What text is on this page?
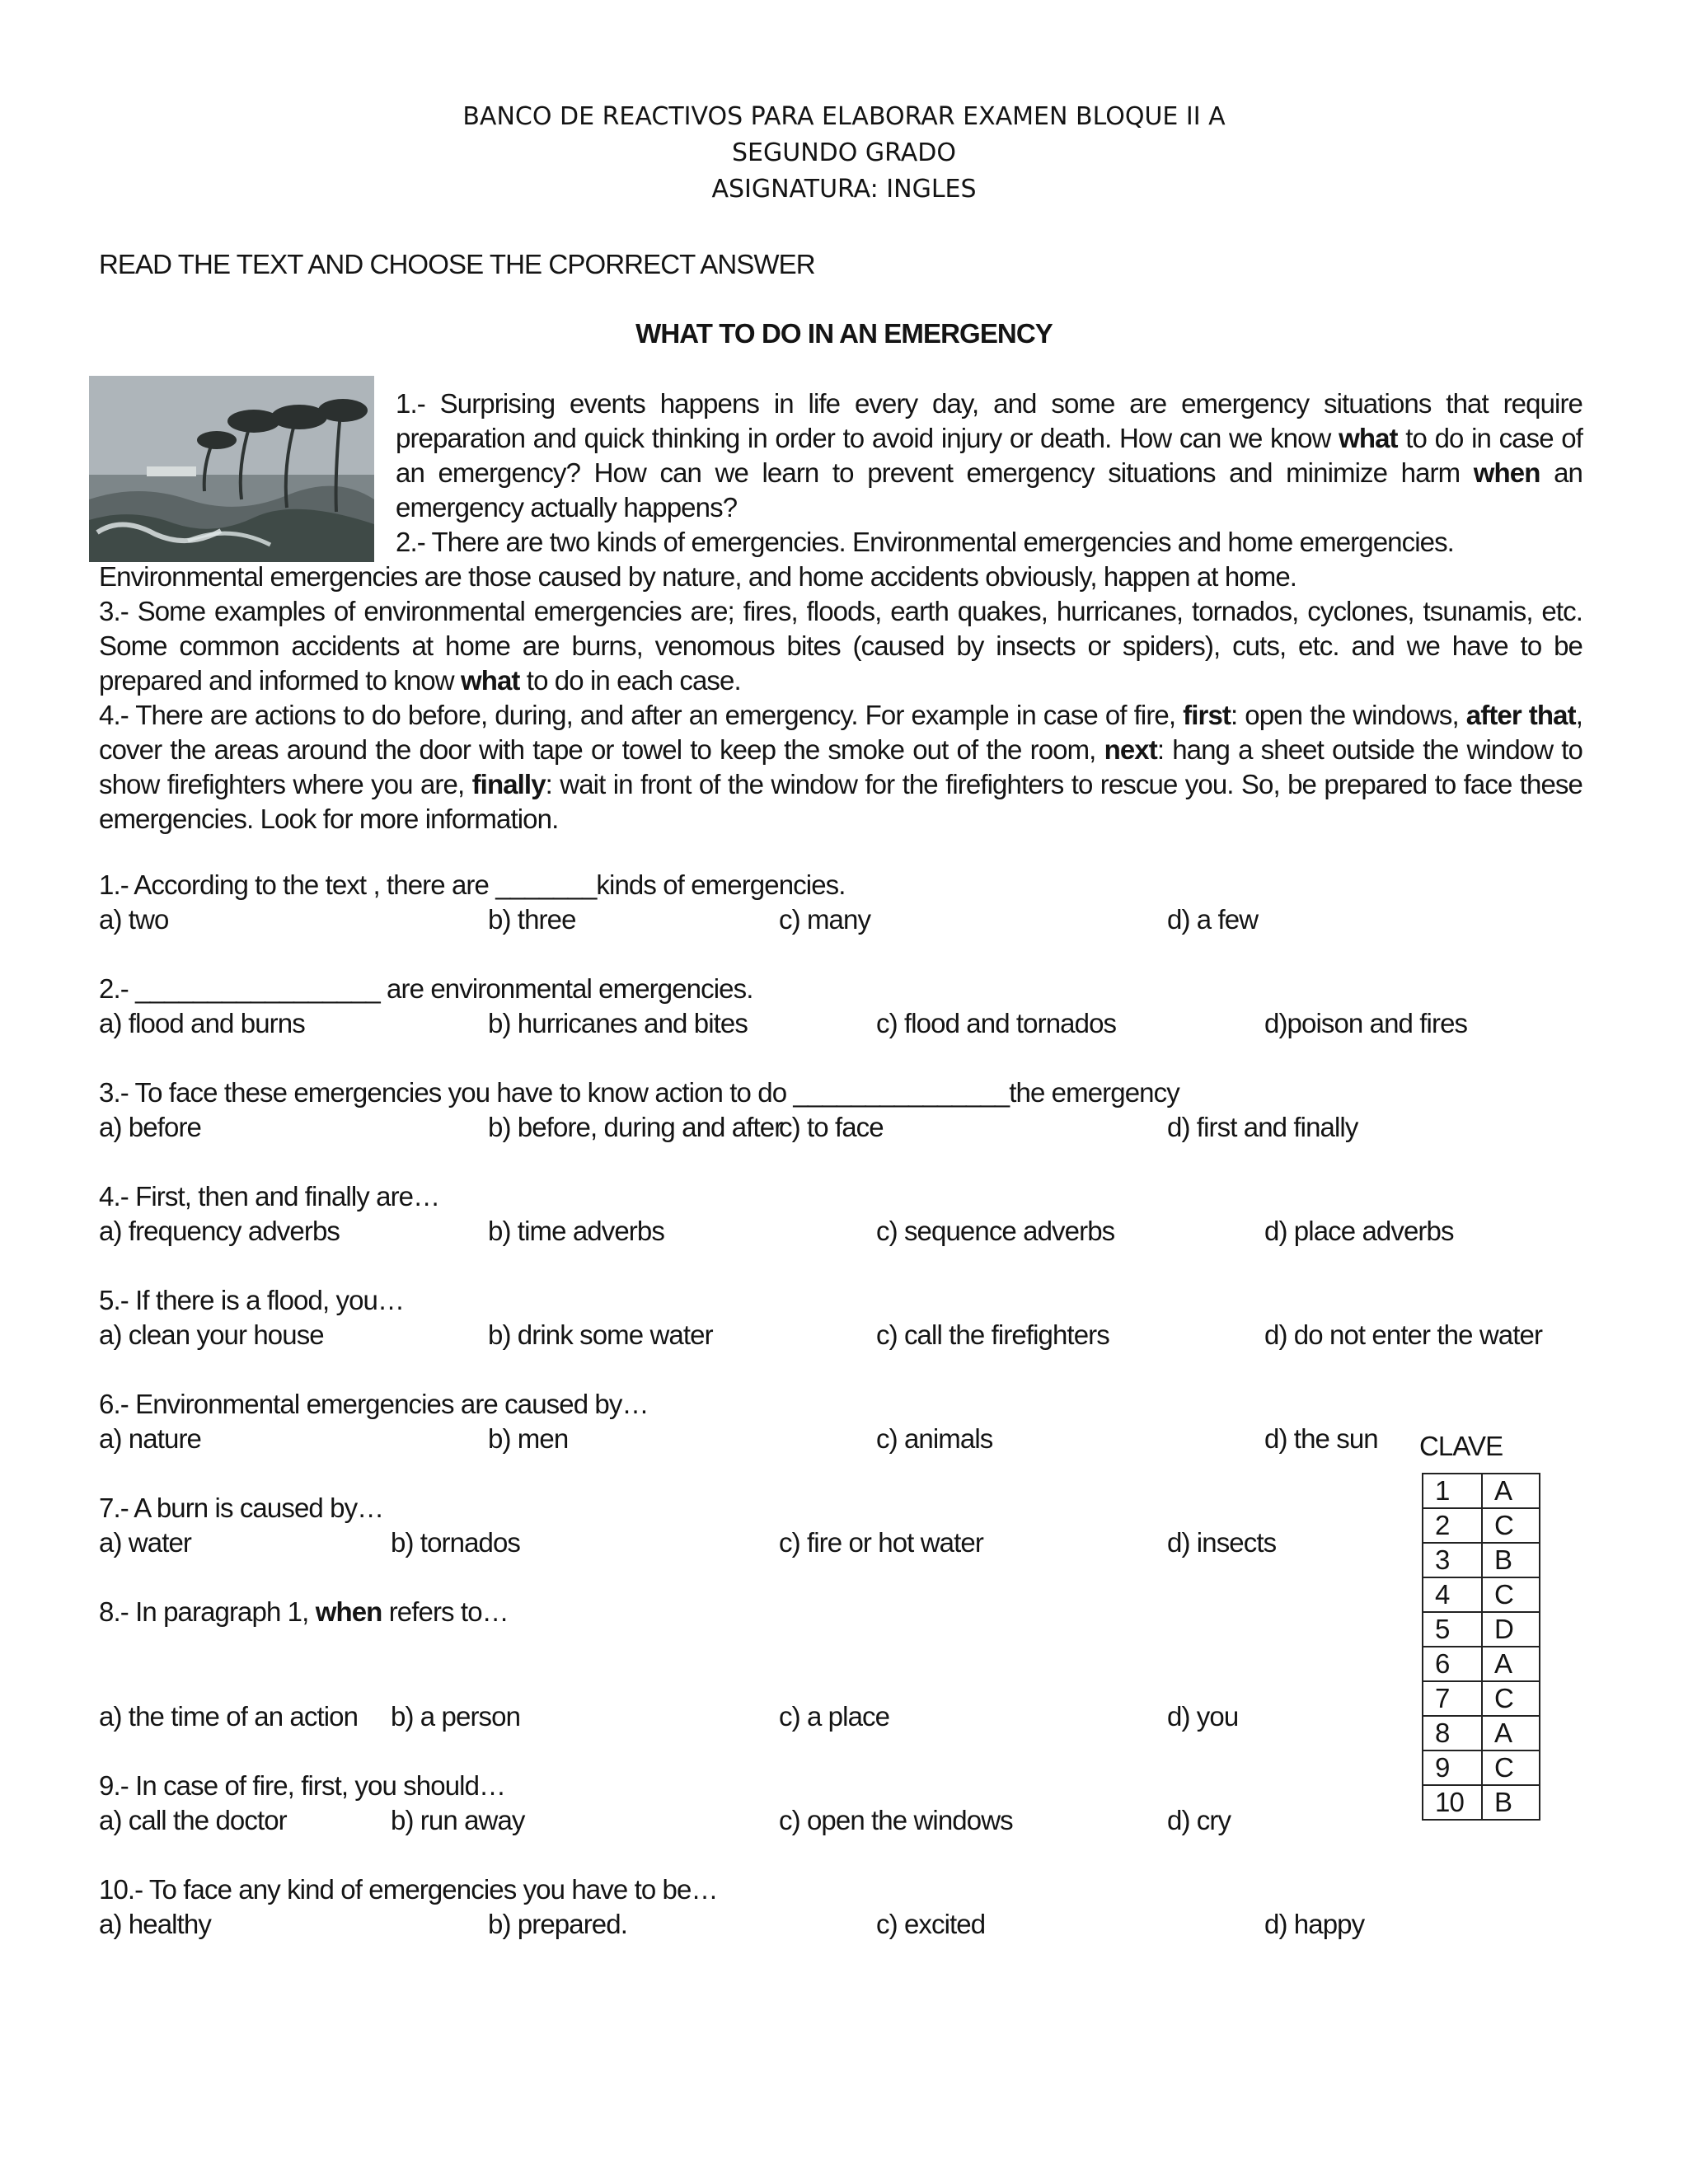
BANCO DE REACTIVOS PARA ELABORAR EXAMEN BLOQUE II A
SEGUNDO GRADO
ASIGNATURA: INGLES
READ THE TEXT AND CHOOSE THE CPORRECT ANSWER
WHAT TO DO IN AN EMERGENCY

1.- Surprising events happens in life every day, and some are emergency situations that require preparation and quick thinking in order to avoid injury or death. How can we know what to do in case of an emergency? How can we learn to prevent emergency situations and minimize harm when an emergency actually happens?

2.- There are two kinds of emergencies. Environmental emergencies and home emergencies.

Environmental emergencies are those caused by nature, and home accidents obviously, happen at home.

3.- Some examples of environmental emergencies are; fires, floods, earth quakes, hurricanes, tornados, cyclones, tsunamis, etc. Some common accidents at home are burns, venomous bites (caused by insects or spiders), cuts, etc. and we have to be prepared and informed to know what to do in each case.

4.- There are actions to do before, during, and after an emergency. For example in case of fire, first: open the windows, after that, cover the areas around the door with tape or towel to keep the smoke out of the room, next: hang a sheet outside the window to show firefighters where you are, finally: wait in front of the window for the firefighters to rescue you. So, be prepared to face these emergencies. Look for more information.

1.- According to the text , there are _______kinds of emergencies.
a) two	b) three	c) many	d) a few
2.- _________________ are environmental emergencies.
a) flood and burns	b) hurricanes and bites	c) flood and tornados	d)poison and fires
3.- To face these emergencies you have to know action to do _______________the emergency
a) before	b) before, during and after
c) to face	d) first and finally
4.- First, then and finally are…
a) frequency adverbs	b) time adverbs	c) sequence adverbs	d) place adverbs
5.- If there is a flood, you…
a) clean your house	b) drink some water	c) call the firefighters	d) do not enter the water
6.- Environmental emergencies are caused by…
a) nature	b) men	c) animals	d) the sun CLAVE
7.- A burn is caused by…
a) water	b) tornados	c) fire or hot water	d) insects
8.- In paragraph 1, when refers to…
a) the time of an action b) a person	c) a place	d) you
9.- In case of fire, first, you should…
a) call the doctor	b) run away	c) open the windows	d) cry
10.- To face any kind of emergencies you have to be…
a) healthy	b) prepared.	c) excited	d) happy
1	A
2	C
3	B
4	C
5	D
6	A
7	C
8	A
9	C
10	B
